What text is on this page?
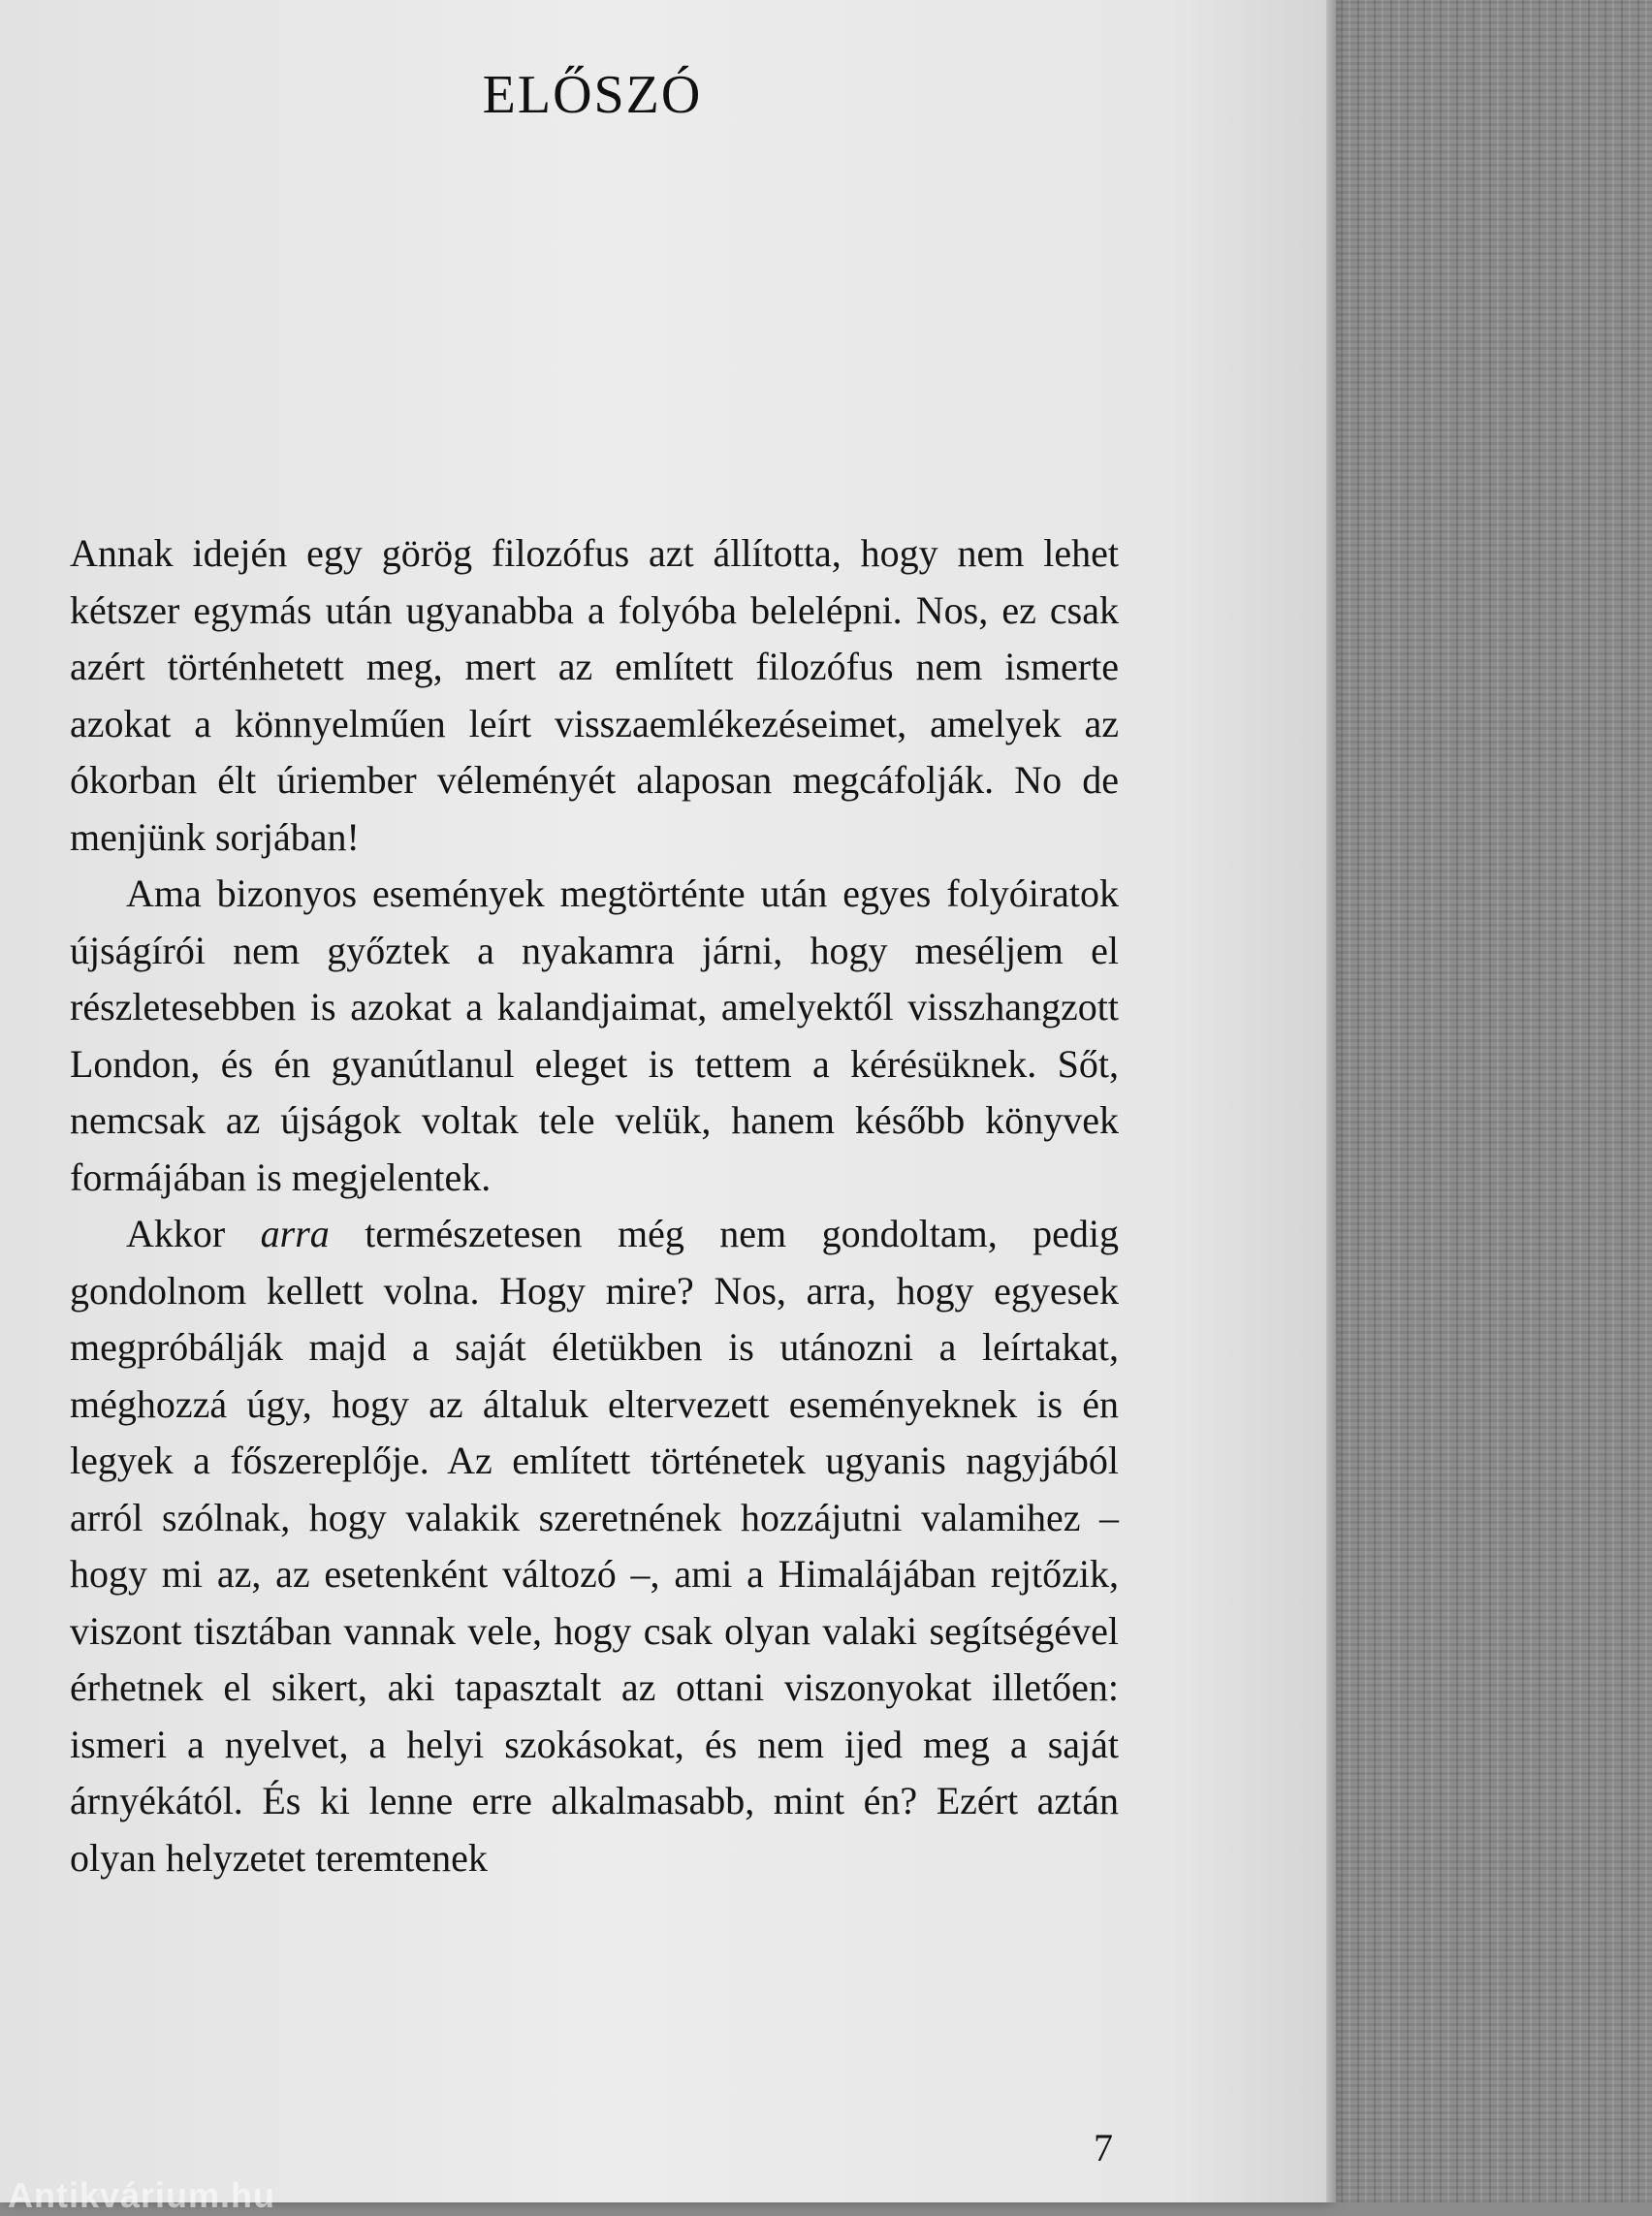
ELŐSZÓ

Annak idején egy görög filozófus azt állította, hogy nem lehet kétszer egymás után ugyanabba a folyóba belelépni. Nos, ez csak azért történhetett meg, mert az említett filozófus nem ismerte azokat a könnyelműen leírt visszaemlékezéseimet, amelyek az ókorban élt úriember véleményét alaposan megcáfolják. No de menjünk sorjában!

Ama bizonyos események megtörténte után egyes folyóiratok újságírói nem győztek a nyakamra járni, hogy meséljem el részletesebben is azokat a kalandjaimat, amelyektől visszhangzott London, és én gyanútlanul eleget is tettem a kérésüknek. Sőt, nemcsak az újságok voltak tele velük, hanem később könyvek formájában is megjelentek.

Akkor arra természetesen még nem gondoltam, pedig gondolnom kellett volna. Hogy mire? Nos, arra, hogy egyesek megpróbálják majd a saját életükben is utánozni a leírtakat, méghozzá úgy, hogy az általuk eltervezett eseményeknek is én legyek a főszereplője. Az említett történetek ugyanis nagyjából arról szólnak, hogy valakik szeretnének hozzájutni valamihez – hogy mi az, az esetenként változó –, ami a Himalájában rejtőzik, viszont tisztában vannak vele, hogy csak olyan valaki segítségével érhetnek el sikert, aki tapasztalt az ottani viszonyokat illetően: ismeri a nyelvet, a helyi szokásokat, és nem ijed meg a saját árnyékától. És ki lenne erre alkalmasabb, mint én? Ezért aztán olyan helyzetet teremtenek

7
Antikvárium.hu
